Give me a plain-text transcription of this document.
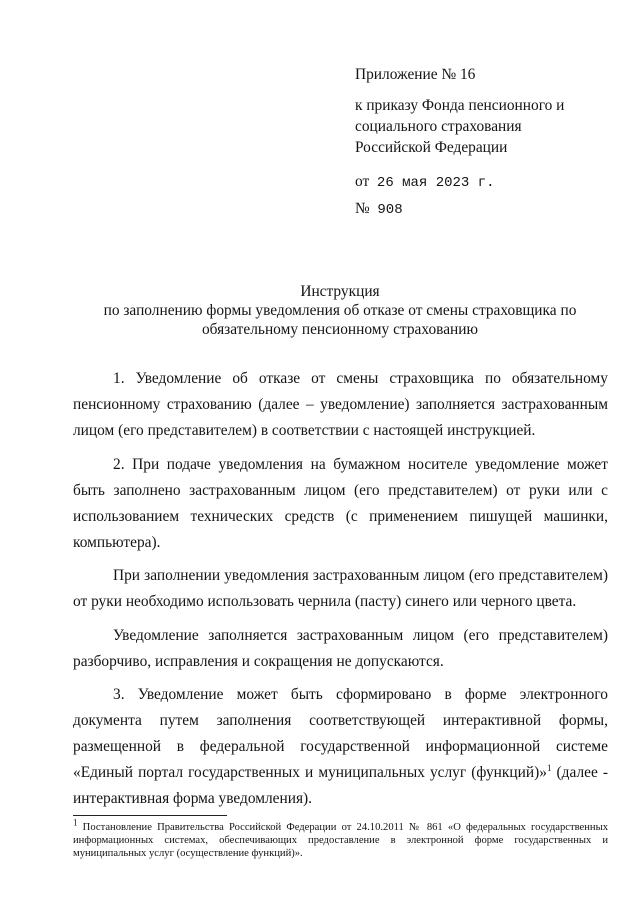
Приложение № 16
к приказу Фонда пенсионного и
социального страхования
Российской Федерации
от 26 мая 2023 г.
№ 908
Инструкция
по заполнению формы уведомления об отказе от смены страховщика по
обязательному пенсионному страхованию

1. Уведомление об отказе от смены страховщика по обязательному пенсионному страхованию (далее – уведомление) заполняется застрахованным лицом (его представителем) в соответствии с настоящей инструкцией.

2. При подаче уведомления на бумажном носителе уведомление может быть заполнено застрахованным лицом (его представителем) от руки или с использованием технических средств (с применением пишущей машинки, компьютера).

При заполнении уведомления застрахованным лицом (его представителем) от руки необходимо использовать чернила (пасту) синего или черного цвета.

Уведомление заполняется застрахованным лицом (его представителем) разборчиво, исправления и сокращения не допускаются.

3. Уведомление может быть сформировано в форме электронного документа путем заполнения соответствующей интерактивной формы, размещенной в федеральной государственной информационной системе «Единый портал государственных и муниципальных услуг (функций)»$^1$ (далее - интерактивная форма уведомления).

$^1$ Постановление Правительства Российской Федерации от 24.10.2011 № 861 «О федеральных государственных информационных системах, обеспечивающих предоставление в электронной форме государственных и муниципальных услуг (осуществление функций)».
